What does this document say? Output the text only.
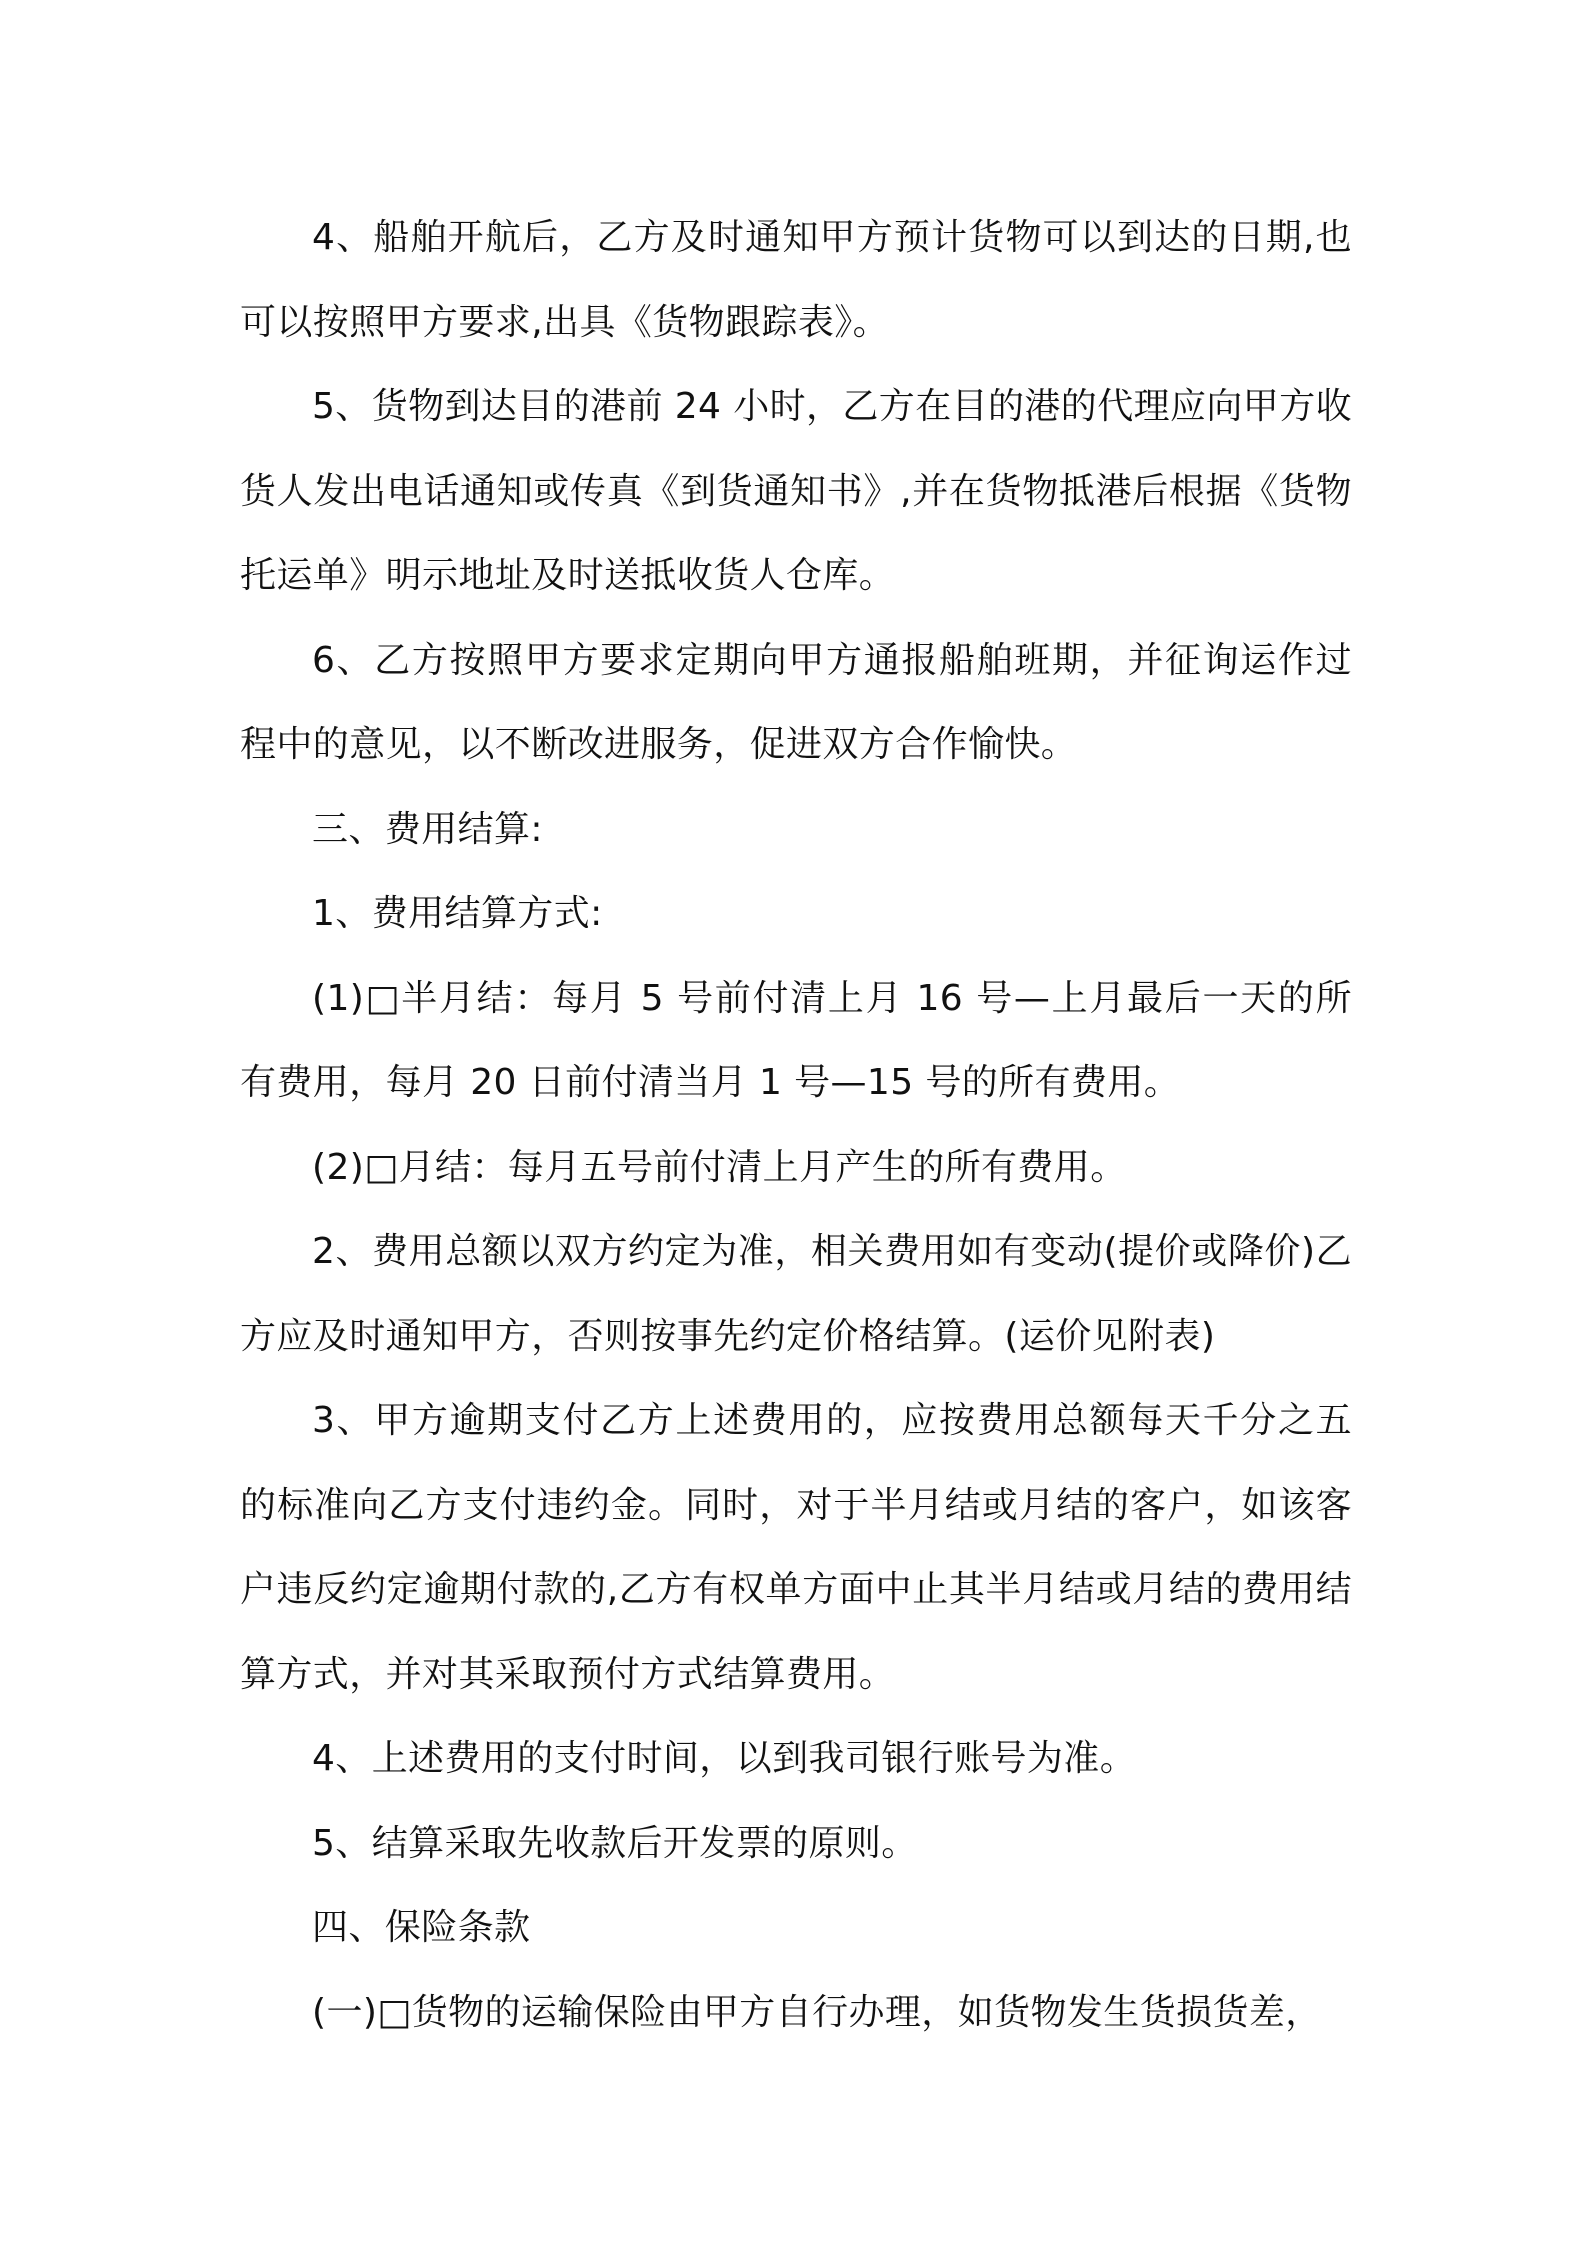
4、船舶开航后，乙方及时通知甲方预计货物可以到达的日期,也可以按照甲方要求,出具《货物跟踪表》。

5、货物到达目的港前 24 小时，乙方在目的港的代理应向甲方收货人发出电话通知或传真《到货通知书》,并在货物抵港后根据《货物托运单》明示地址及时送抵收货人仓库。

6、乙方按照甲方要求定期向甲方通报船舶班期，并征询运作过程中的意见，以不断改进服务，促进双方合作愉快。

三、费用结算:

1、费用结算方式:

(1)□半月结：每月 5 号前付清上月 16 号—上月最后一天的所有费用，每月 20 日前付清当月 1 号—15 号的所有费用。

(2)□月结：每月五号前付清上月产生的所有费用。

2、费用总额以双方约定为准，相关费用如有变动(提价或降价)乙方应及时通知甲方，否则按事先约定价格结算。(运价见附表)

3、甲方逾期支付乙方上述费用的，应按费用总额每天千分之五的标准向乙方支付违约金。同时，对于半月结或月结的客户，如该客户违反约定逾期付款的,乙方有权单方面中止其半月结或月结的费用结算方式，并对其采取预付方式结算费用。

4、上述费用的支付时间，以到我司银行账号为准。

5、结算采取先收款后开发票的原则。

四、保险条款

(一)□货物的运输保险由甲方自行办理，如货物发生货损货差，
